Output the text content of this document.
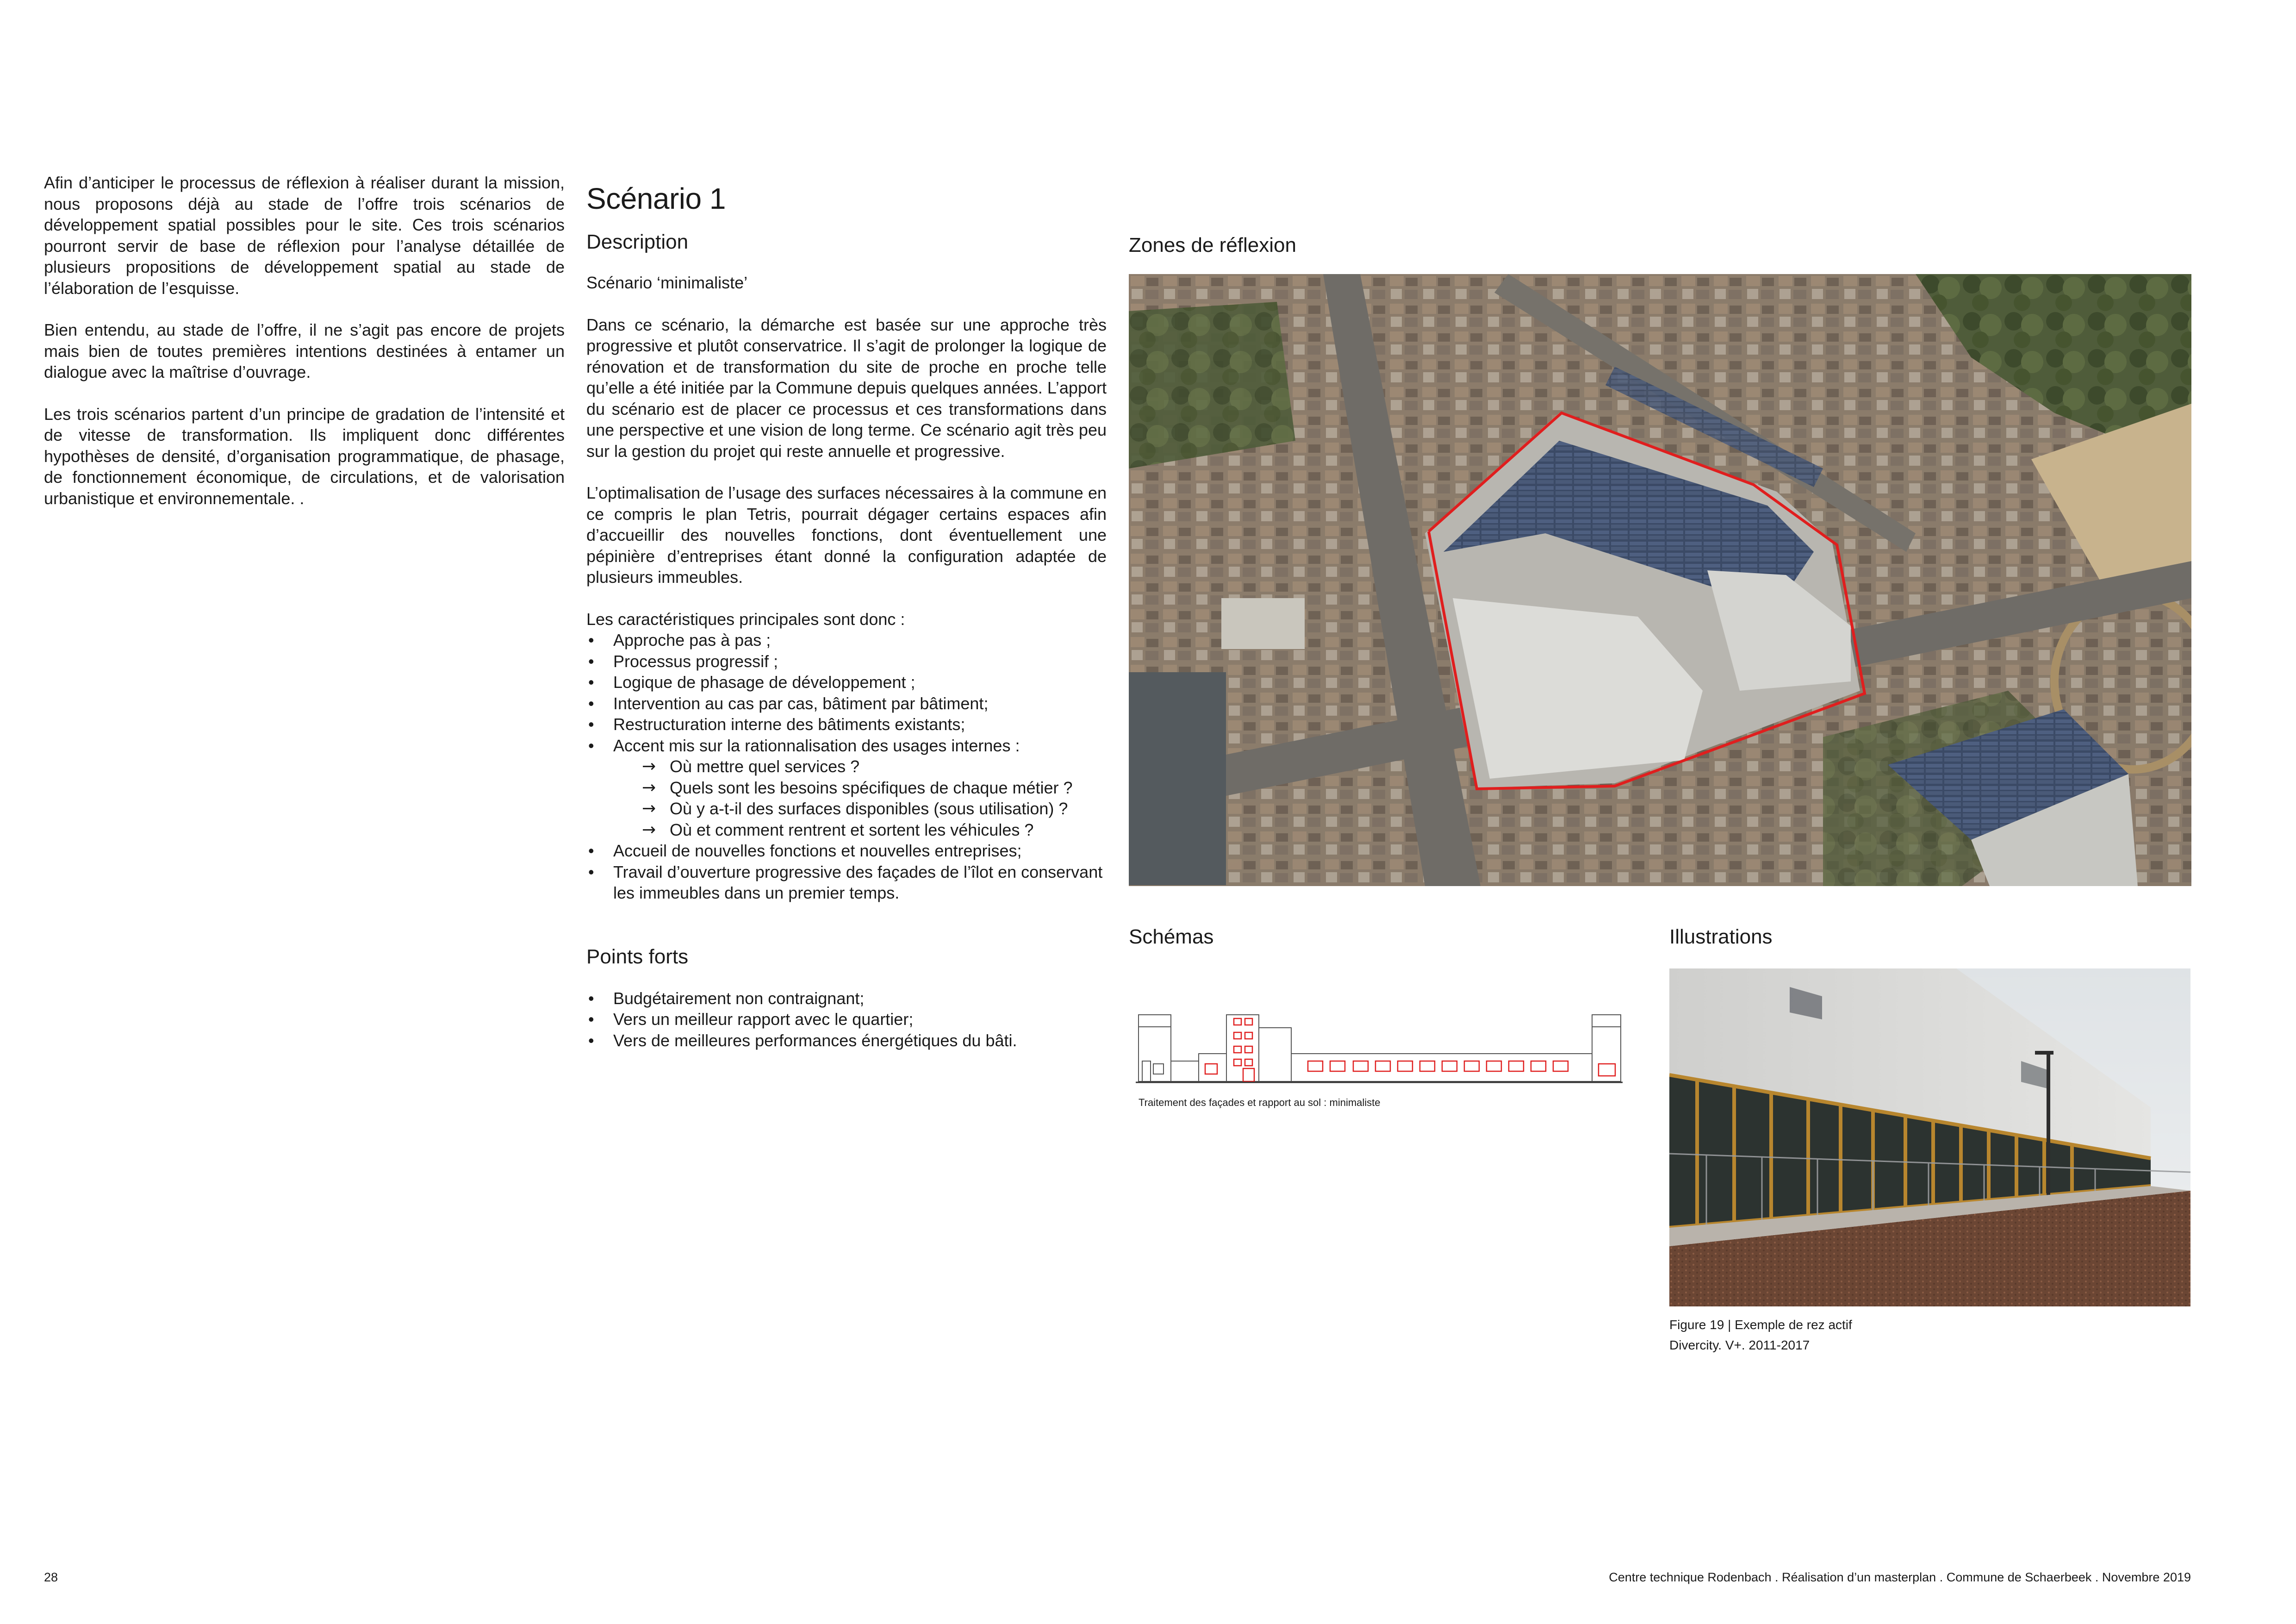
Afin d’anticiper le processus de réflexion à réaliser durant la mission, nous proposons déjà au stade de l’offre trois scénarios de développement spatial possibles pour le site. Ces trois scénarios pourront servir de base de réflexion pour l’analyse détaillée de plusieurs propositions de développement spatial au stade de l’élaboration de l’esquisse.

Bien entendu, au stade de l’offre, il ne s’agit pas encore de projets mais bien de toutes premières intentions destinées à entamer un dialogue avec la maîtrise d’ouvrage.

Les trois scénarios partent d’un principe de gradation de l’intensité et de vitesse de transformation. Ils impliquent donc différentes hypothèses de densité, d’organisation programmatique, de phasage, de fonctionnement économique, de circulations, et de valorisation urbanistique et environnementale. .

Scénario 1
Description

Scénario ‘minimaliste’

Dans ce scénario, la démarche est basée sur une approche très progressive et plutôt conservatrice. Il s’agit de prolonger la logique de rénovation et de transformation du site de proche en proche telle qu’elle a été initiée par la Commune depuis quelques années. L’apport du scénario est de placer ce processus et ces transformations dans une perspective et une vision de long terme. Ce scénario agit très peu sur la gestion du projet qui reste annuelle et progressive.

L’optimalisation de l’usage des surfaces nécessaires à la commune en ce compris le plan Tetris, pourrait dégager certains espaces afin d’accueillir des nouvelles fonctions, dont éventuellement une pépinière d’entreprises étant donné la configuration adaptée de plusieurs immeubles.

Les caractéristiques principales sont donc :

• Approche pas à pas ;
• Processus progressif ;
• Logique de phasage de développement ;
• Intervention au cas par cas, bâtiment par bâtiment;
• Restructuration interne des bâtiments existants;
• Accent mis sur la rationnalisation des usages internes :
→ Où mettre quel services ?
→ Quels sont les besoins spécifiques de chaque métier ?
→ Où y a-t-il des surfaces disponibles (sous utilisation) ?
→ Où et comment rentrent et sortent les véhicules ?
• Accueil de nouvelles fonctions et nouvelles entreprises;
• Travail d’ouverture progressive des façades de l’îlot en conservant les immeubles dans un premier temps.
Points forts
• Budgétairement non contraignant;
• Vers un meilleur rapport avec le quartier;
• Vers de meilleures performances énergétiques du bâti.
Zones de réflexion
Schémas
Traitement des façades et rapport au sol : minimaliste
Illustrations
Figure 19 | Exemple de rez actif
Divercity. V+. 2011-2017
28	Centre technique Rodenbach . Réalisation d’un masterplan . Commune de Schaerbeek . Novembre 2019
